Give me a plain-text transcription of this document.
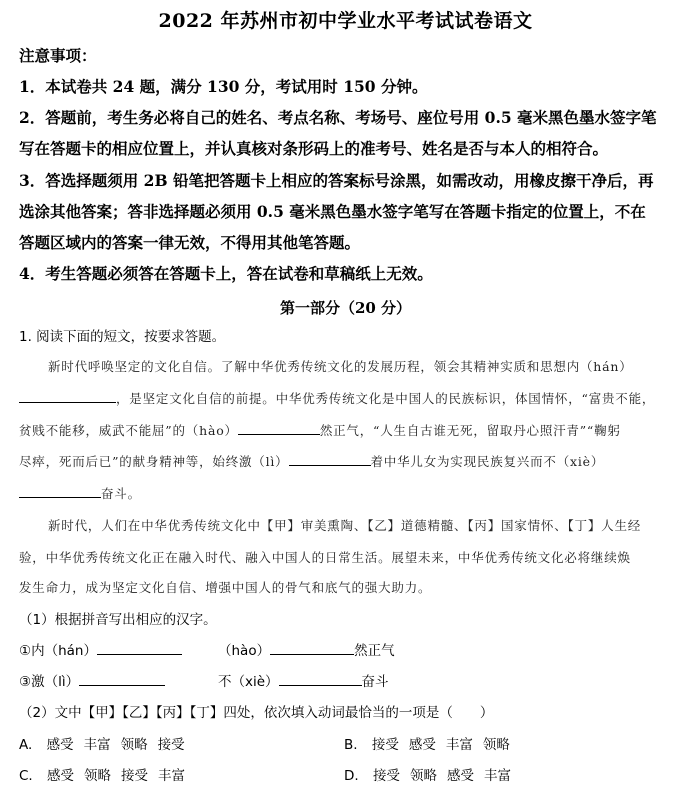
2022 年苏州市初中学业水平考试试卷语文
注意事项：
1．本试卷共 24 题，满分 130 分，考试用时 150 分钟。
2．答题前，考生务必将自己的姓名、考点名称、考场号、座位号用 0.5 毫米黑色墨水签字笔
写在答题卡的相应位置上，并认真核对条形码上的准考号、姓名是否与本人的相符合。
3．答选择题须用 2B 铅笔把答题卡上相应的答案标号涂黑，如需改动，用橡皮擦干净后，再
选涂其他答案；答非选择题必须用 0.5 毫米黑色墨水签字笔写在答题卡指定的位置上，不在
答题区域内的答案一律无效，不得用其他笔答题。
4．考生答题必须答在答题卡上，答在试卷和草稿纸上无效。
第一部分（20 分）
1. 阅读下面的短文，按要求答题。
新时代呼唤坚定的文化自信。了解中华优秀传统文化的发展历程，领会其精神实质和思想内（hán）
，是坚定文化自信的前提。中华优秀传统文化是中国人的民族标识，体国情怀，“富贵不能，
贫贱不能移，威武不能屈”的（hào）	然正气，“人生自古谁无死，留取丹心照汗青”“鞠躬
尽瘁，死而后已”的献身精神等，始终激（lì）	着中华儿女为实现民族复兴而不（xiè）
奋斗。
新时代，人们在中华优秀传统文化中【甲】审美熏陶、【乙】道德精髓、【丙】国家情怀、【丁】人生经
验，中华优秀传统文化正在融入时代、融入中国人的日常生活。展望未来，中华优秀传统文化必将继续焕
发生命力，成为坚定文化自信、增强中国人的骨气和底气的强大助力。
（1）根据拼音写出相应的汉字。
①内（hán）	（hào）	然正气
③激（lì）	不（xiè）	奋斗
（2）文中【甲】【乙】【丙】【丁】四处，依次填入动词最恰当的一项是（　　）
A. 感受 丰富 领略 接受	B. 接受 感受 丰富 领略
C. 感受 领略 接受 丰富	D. 接受 领略 感受 丰富
